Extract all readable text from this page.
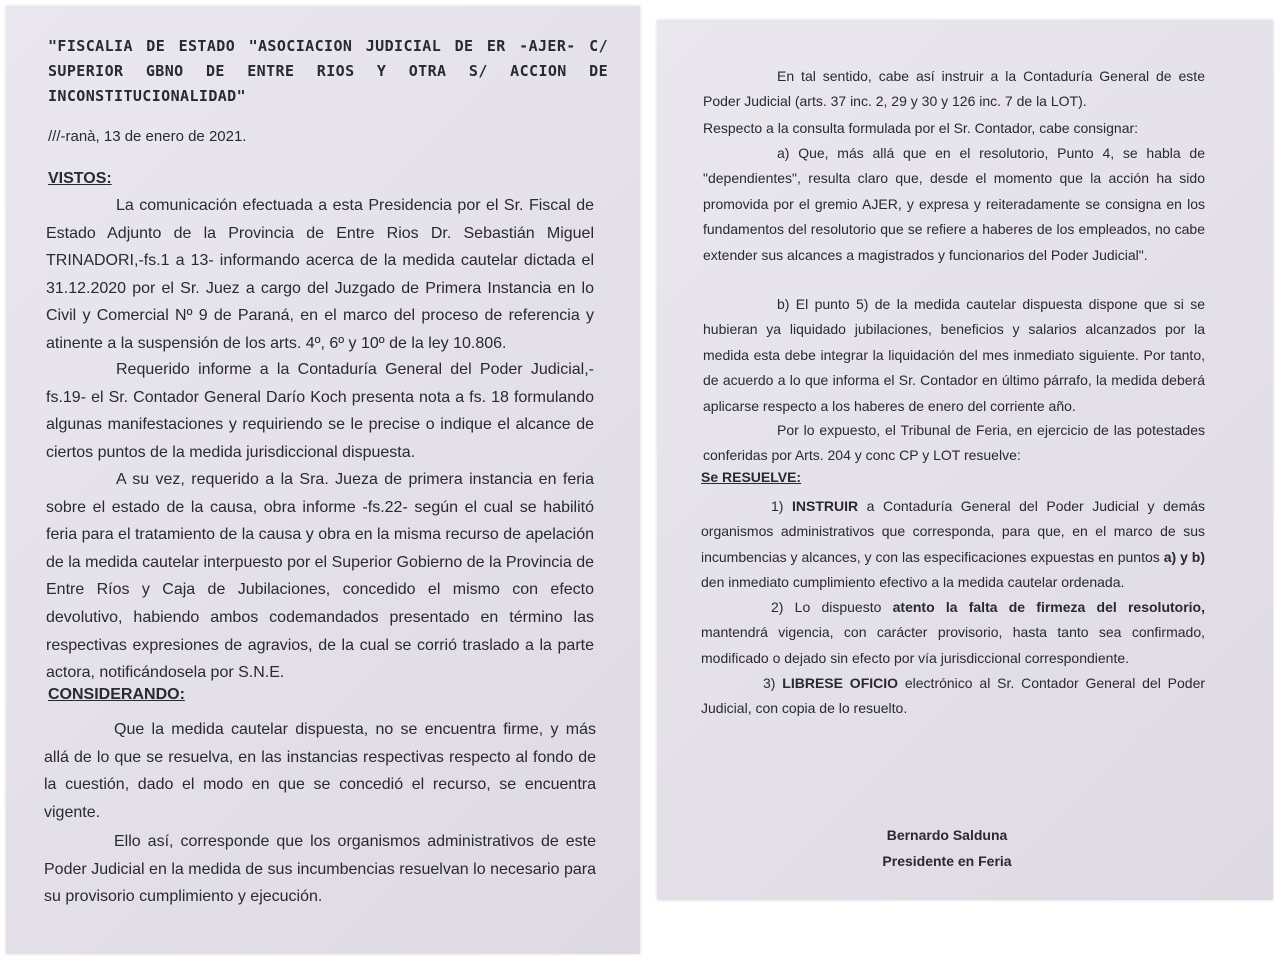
"FISCALIA DE ESTADO "ASOCIACION JUDICIAL DE ER -AJER- C/ SUPERIOR GBNO DE ENTRE RIOS Y OTRA S/ ACCION DE INCONSTITUCIONALIDAD"

///-ranà, 13 de enero de 2021.

VISTOS:

La comunicación efectuada a esta Presidencia por el Sr. Fiscal de Estado Adjunto de la Provincia de Entre Rios Dr. Sebastián Miguel TRINADORI,-fs.1 a 13- informando acerca de la medida cautelar dictada el 31.12.2020 por el Sr. Juez a cargo del Juzgado de Primera Instancia en lo Civil y Comercial Nº 9 de Paraná, en el marco del proceso de referencia y atinente a la suspensión de los arts. 4º, 6º y 10º de la ley 10.806.

Requerido informe a la Contaduría General del Poder Judicial,-fs.19- el Sr. Contador General Darío Koch presenta nota a fs. 18 formulando algunas manifestaciones y requiriendo se le precise o indique el alcance de ciertos puntos de la medida jurisdiccional dispuesta.

A su vez, requerido a la Sra. Jueza de primera instancia en feria sobre el estado de la causa, obra informe -fs.22- según el cual se habilitó feria para el tratamiento de la causa y obra en la misma recurso de apelación de la medida cautelar interpuesto por el Superior Gobierno de la Provincia de Entre Ríos y Caja de Jubilaciones, concedido el mismo con efecto devolutivo, habiendo ambos codemandados presentado en término las respectivas expresiones de agravios, de la cual se corrió traslado a la parte actora, notificándosela por S.N.E.

CONSIDERANDO:

Que la medida cautelar dispuesta, no se encuentra firme, y más allá de lo que se resuelva, en las instancias respectivas respecto al fondo de la cuestión, dado el modo en que se concedió el recurso, se encuentra vigente.

Ello así, corresponde que los organismos administrativos de este Poder Judicial en la medida de sus incumbencias resuelvan lo necesario para su provisorio cumplimiento y ejecución.

En tal sentido, cabe así instruir a la Contaduría General de este Poder Judicial (arts. 37 inc. 2, 29 y 30 y 126 inc. 7 de la LOT).

Respecto a la consulta formulada por el Sr. Contador, cabe consignar:

a) Que, más allá que en el resolutorio, Punto 4, se habla de "dependientes", resulta claro que, desde el momento que la acción ha sido promovida por el gremio AJER, y expresa y reiteradamente se consigna en los fundamentos del resolutorio que se refiere a haberes de los empleados, no cabe extender sus alcances a magistrados y funcionarios del Poder Judicial".

b) El punto 5) de la medida cautelar dispuesta dispone que si se hubieran ya liquidado jubilaciones, beneficios y salarios alcanzados por la medida esta debe integrar la liquidación del mes inmediato siguiente. Por tanto, de acuerdo a lo que informa el Sr. Contador en último párrafo, la medida deberá aplicarse respecto a los haberes de enero del corriente año.

Por lo expuesto, el Tribunal de Feria, en ejercicio de las potestades conferidas por Arts. 204 y conc CP y LOT resuelve:

Se RESUELVE:

1) INSTRUIR a Contaduría General del Poder Judicial y demás organismos administrativos que corresponda, para que, en el marco de sus incumbencias y alcances, y con las especificaciones expuestas en puntos a) y b) den inmediato cumplimiento efectivo a la medida cautelar ordenada.

2) Lo dispuesto atento la falta de firmeza del resolutorio, mantendrá vigencia, con carácter provisorio, hasta tanto sea confirmado, modificado o dejado sin efecto por vía jurisdiccional correspondiente.

3) LIBRESE OFICIO electrónico al Sr. Contador General del Poder Judicial, con copia de lo resuelto.

Bernardo Salduna

Presidente en Feria
